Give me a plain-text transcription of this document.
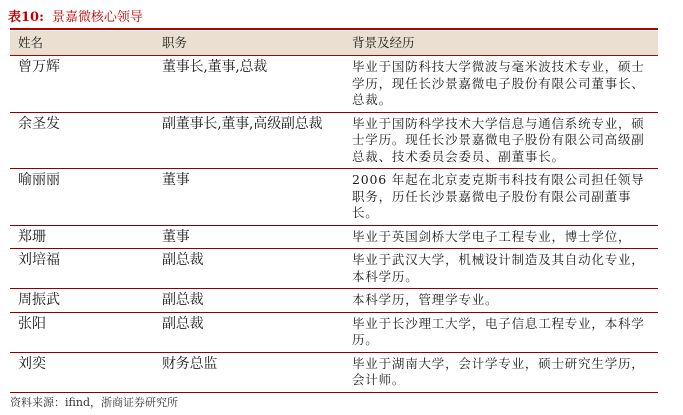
表10: 景嘉微核心领导
姓名	职务	背景及经历
曾万辉	董事长,董事,总裁	毕业于国防科技大学微波与毫米波技术专业，硕士学历，现任长沙景嘉微电子股份有限公司董事长、总裁。
余圣发	副董事长,董事,高级副总裁	毕业于国防科学技术大学信息与通信系统专业，硕士学历。现任长沙景嘉微电子股份有限公司高级副总裁、技术委员会委员、副董事长。
喻丽丽	董事	2006 年起在北京麦克斯韦科技有限公司担任领导职务，历任长沙景嘉微电子股份有限公司副董事长。
郑珊	董事	毕业于英国剑桥大学电子工程专业，博士学位，
刘培福	副总裁	毕业于武汉大学，机械设计制造及其自动化专业，本科学历。
周振武	副总裁	本科学历，管理学专业。
张阳	副总裁	毕业于长沙理工大学，电子信息工程专业，本科学历。
刘奕	财务总监	毕业于湖南大学，会计学专业，硕士研究生学历，会计师。
资料来源：ifind，浙商证券研究所
